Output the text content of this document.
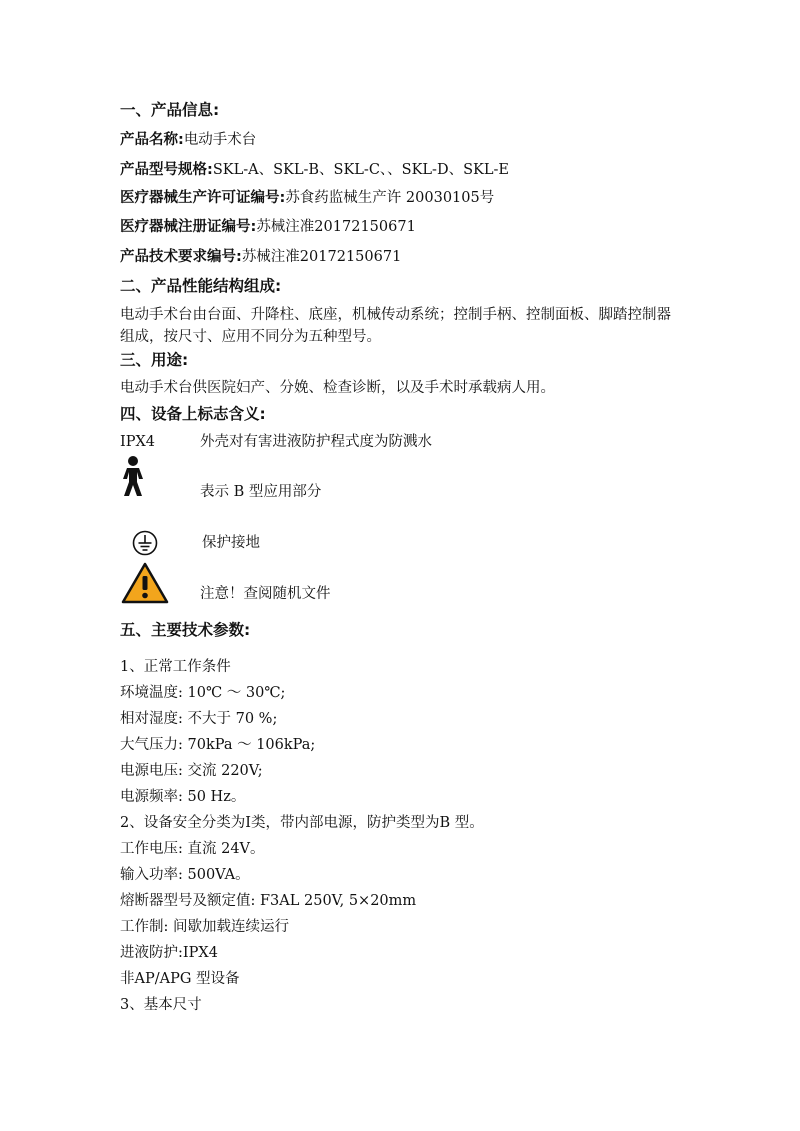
一、产品信息:
产品名称:电动手术台
产品型号规格:SKL-A、SKL-B、SKL-C、、SKL-D、SKL-E
医疗器械生产许可证编号:苏食药监械生产许 20030105号
医疗器械注册证编号:苏械注准20172150671
产品技术要求编号:苏械注准20172150671
二、产品性能结构组成:
电动手术台由台面、升降柱、底座，机械传动系统；控制手柄、控制面板、脚踏控制器组成，按尺寸、应用不同分为五种型号。
三、用途:
电动手术台供医院妇产、分娩、检查诊断，以及手术时承载病人用。
四、设备上标志含义:
IPX4	外壳对有害进液防护程式度为防溅水
表示 B 型应用部分
保护接地
注意！查阅随机文件
五、主要技术参数:
1、正常工作条件
环境温度: 10℃ ～ 30℃;
相对湿度: 不大于 70 %;
大气压力: 70kPa ～ 106kPa;
电源电压: 交流 220V;
电源频率: 50 Hz。
2、设备安全分类为Ⅰ类，带内部电源，防护类型为B 型。
工作电压: 直流 24V。
输入功率: 500VA。
熔断器型号及额定值: F3AL 250V, 5×20mm
工作制: 间歇加载连续运行
进液防护:IPX4
非AP/APG 型设备
3、基本尺寸
